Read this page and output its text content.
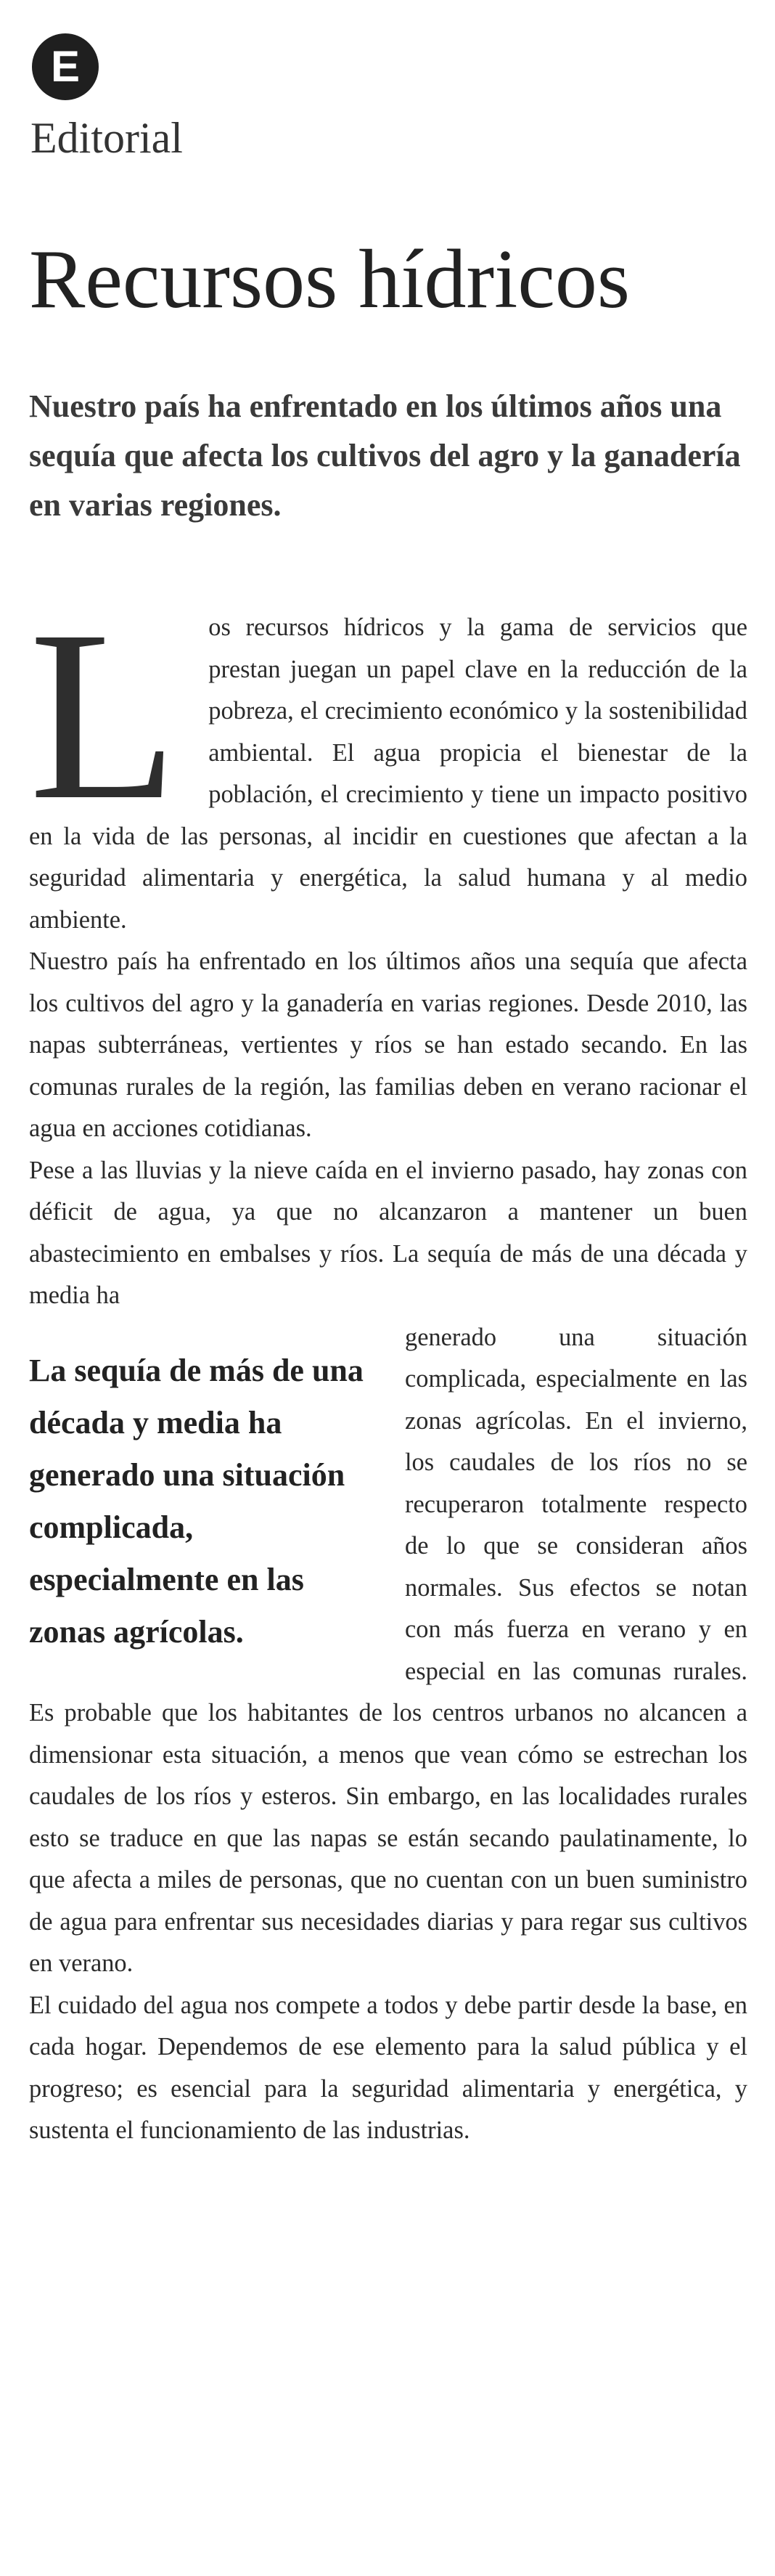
E
Editorial
Recursos hídricos
Nuestro país ha enfrentado en los últimos años una sequía que afecta los cultivos del agro y la ganadería en varias regiones.

L os recursos hídricos y la gama de servicios que prestan juegan un papel clave en la reducción de la pobreza, el crecimiento económico y la sostenibilidad ambiental. El agua propicia el bienestar de la población, el crecimiento y tiene un impacto positivo en la vida de las personas, al incidir en cuestiones que afectan a la seguridad alimentaria y energética, la salud humana y al medio ambiente.

Nuestro país ha enfrentado en los últimos años una sequía que afecta los cultivos del agro y la ganadería en varias regiones. Desde 2010, las napas subterráneas, vertientes y ríos se han estado secando. En las comunas rurales de la región, las familias deben en verano racionar el agua en acciones cotidianas.

Pese a las lluvias y la nieve caída en el invierno pasado, hay zonas con déficit de agua, ya que no alcanzaron a mantener un buen abastecimiento en embalses y ríos. La sequía de más de una década y media ha

La sequía de más de una década y media ha generado una situación complicada, especialmente en las zonas agrícolas.
generado una situación complicada, especialmente en las zonas agrícolas. En el invierno, los caudales de los ríos no se recuperaron totalmente respecto de lo que se consideran años normales. Sus efectos se notan con más fuerza en verano y en especial en las comunas rurales. Es probable que los habitantes de los centros urbanos no alcancen a dimensionar esta situación, a menos que vean cómo se estrechan los caudales de los ríos y esteros. Sin embargo, en las localidades rurales esto se traduce en que las napas se están secando paulatinamente, lo que afecta a miles de personas, que no cuentan con un buen suministro de agua para enfrentar sus necesidades diarias y para regar sus cultivos en verano.

El cuidado del agua nos compete a todos y debe partir desde la base, en cada hogar. Dependemos de ese elemento para la salud pública y el progreso; es esencial para la seguridad alimentaria y energética, y sustenta el funcionamiento de las industrias.
